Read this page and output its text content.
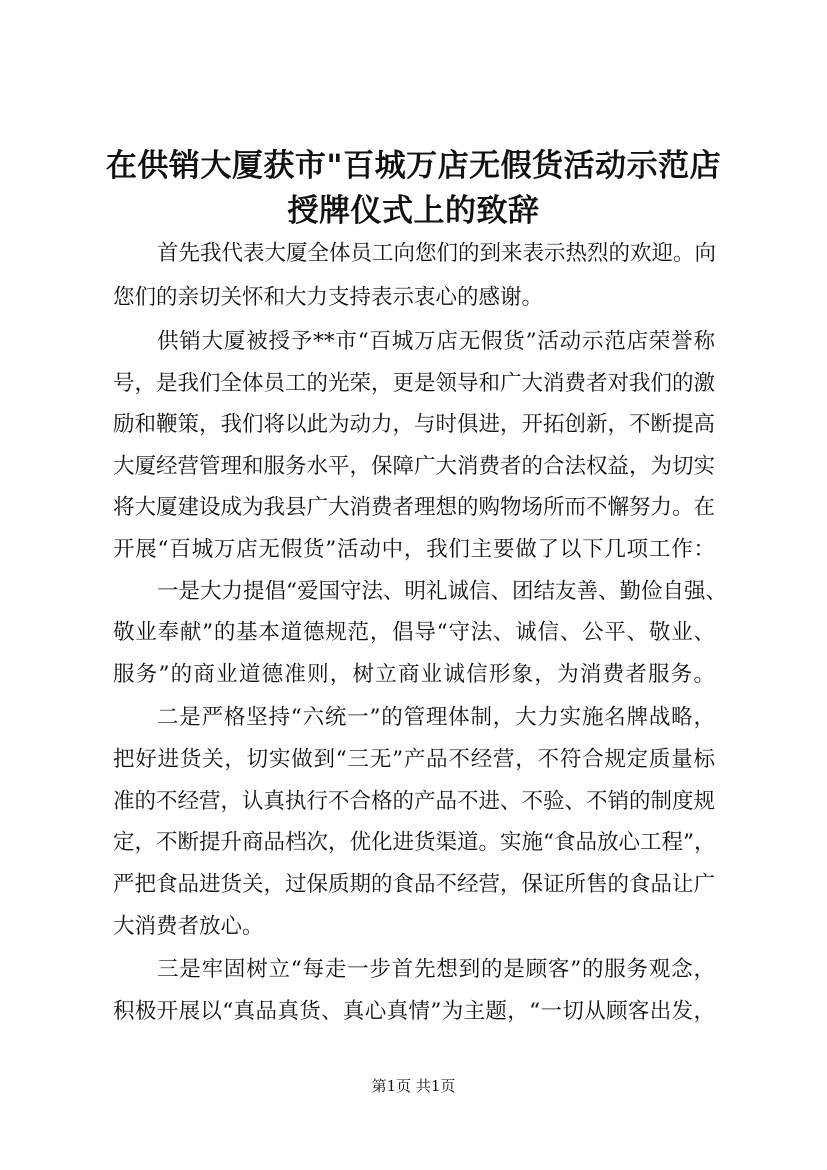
在供销大厦获市"百城万店无假货活动示范店
授牌仪式上的致辞
首先我代表大厦全体员工向您们的到来表示热烈的欢迎。向
您们的亲切关怀和大力支持表示衷心的感谢。
供销大厦被授予**市“百城万店无假货”活动示范店荣誉称
号，是我们全体员工的光荣，更是领导和广大消费者对我们的激
励和鞭策，我们将以此为动力，与时俱进，开拓创新，不断提高
大厦经营管理和服务水平，保障广大消费者的合法权益，为切实
将大厦建设成为我县广大消费者理想的购物场所而不懈努力。在
开展“百城万店无假货”活动中，我们主要做了以下几项工作：
一是大力提倡“爱国守法、明礼诚信、团结友善、勤俭自强、
敬业奉献”的基本道德规范，倡导“守法、诚信、公平、敬业、
服务”的商业道德准则，树立商业诚信形象，为消费者服务。
二是严格坚持“六统一”的管理体制，大力实施名牌战略，
把好进货关，切实做到“三无”产品不经营，不符合规定质量标
准的不经营，认真执行不合格的产品不进、不验、不销的制度规
定，不断提升商品档次，优化进货渠道。实施“食品放心工程”，
严把食品进货关，过保质期的食品不经营，保证所售的食品让广
大消费者放心。
三是牢固树立“每走一步首先想到的是顾客”的服务观念，
积极开展以“真品真货、真心真情”为主题，“一切从顾客出发，
第1页 共1页
